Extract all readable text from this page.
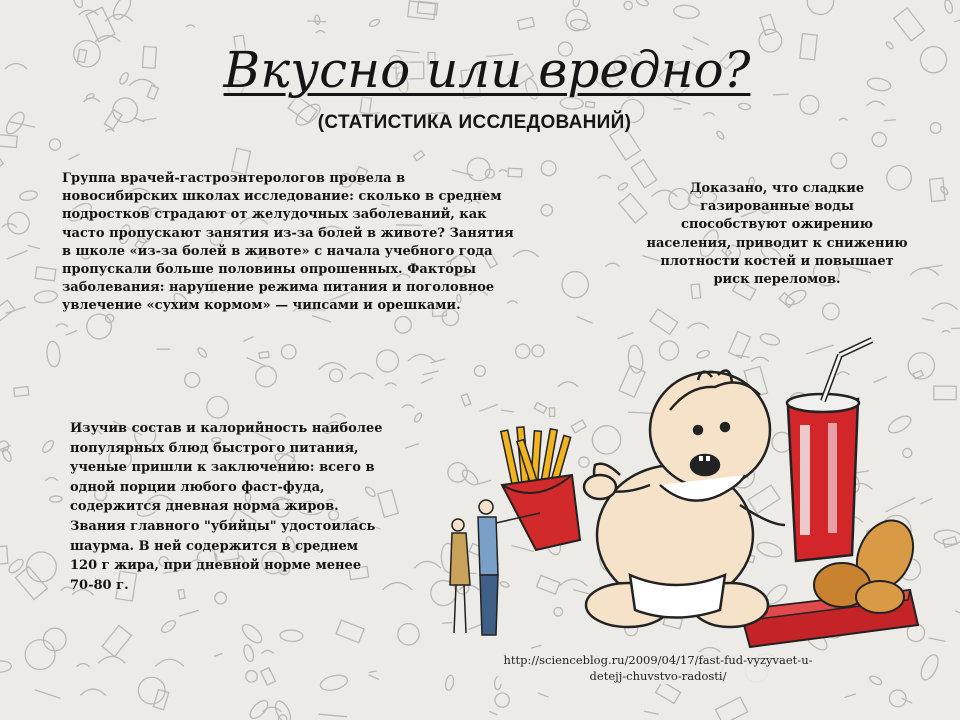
Вкусно или вредно?
(СТАТИСТИКА ИССЛЕДОВАНИЙ)
Группа врачей-гастроэнтерологов провела в новосибирских школах исследование: сколько в среднем подростков страдают от желудочных заболеваний, как часто пропускают занятия из-за болей в животе? Занятия в школе «из-за болей в животе» с начала учебного года пропускали больше половины опрошенных. Факторы заболевания: нарушение режима питания и поголовное увлечение «сухим кормом» — чипсами и орешками.
Доказано, что сладкие газированные воды способствуют ожирению населения, приводит к снижению плотности костей и повышает риск переломов.
Изучив состав и калорийность наиболее популярных блюд быстрого питания, ученые пришли к заключению: всего в одной порции любого фаст-фуда, содержится дневная норма жиров. Звания главного "убийцы" удостоилась шаурма. В ней содержится в среднем 120 г жира, при дневной норме менее 70-80 г.
http://scienceblog.ru/2009/04/17/fast-fud-vyzyvaet-u-detejj-chuvstvo-radosti/
